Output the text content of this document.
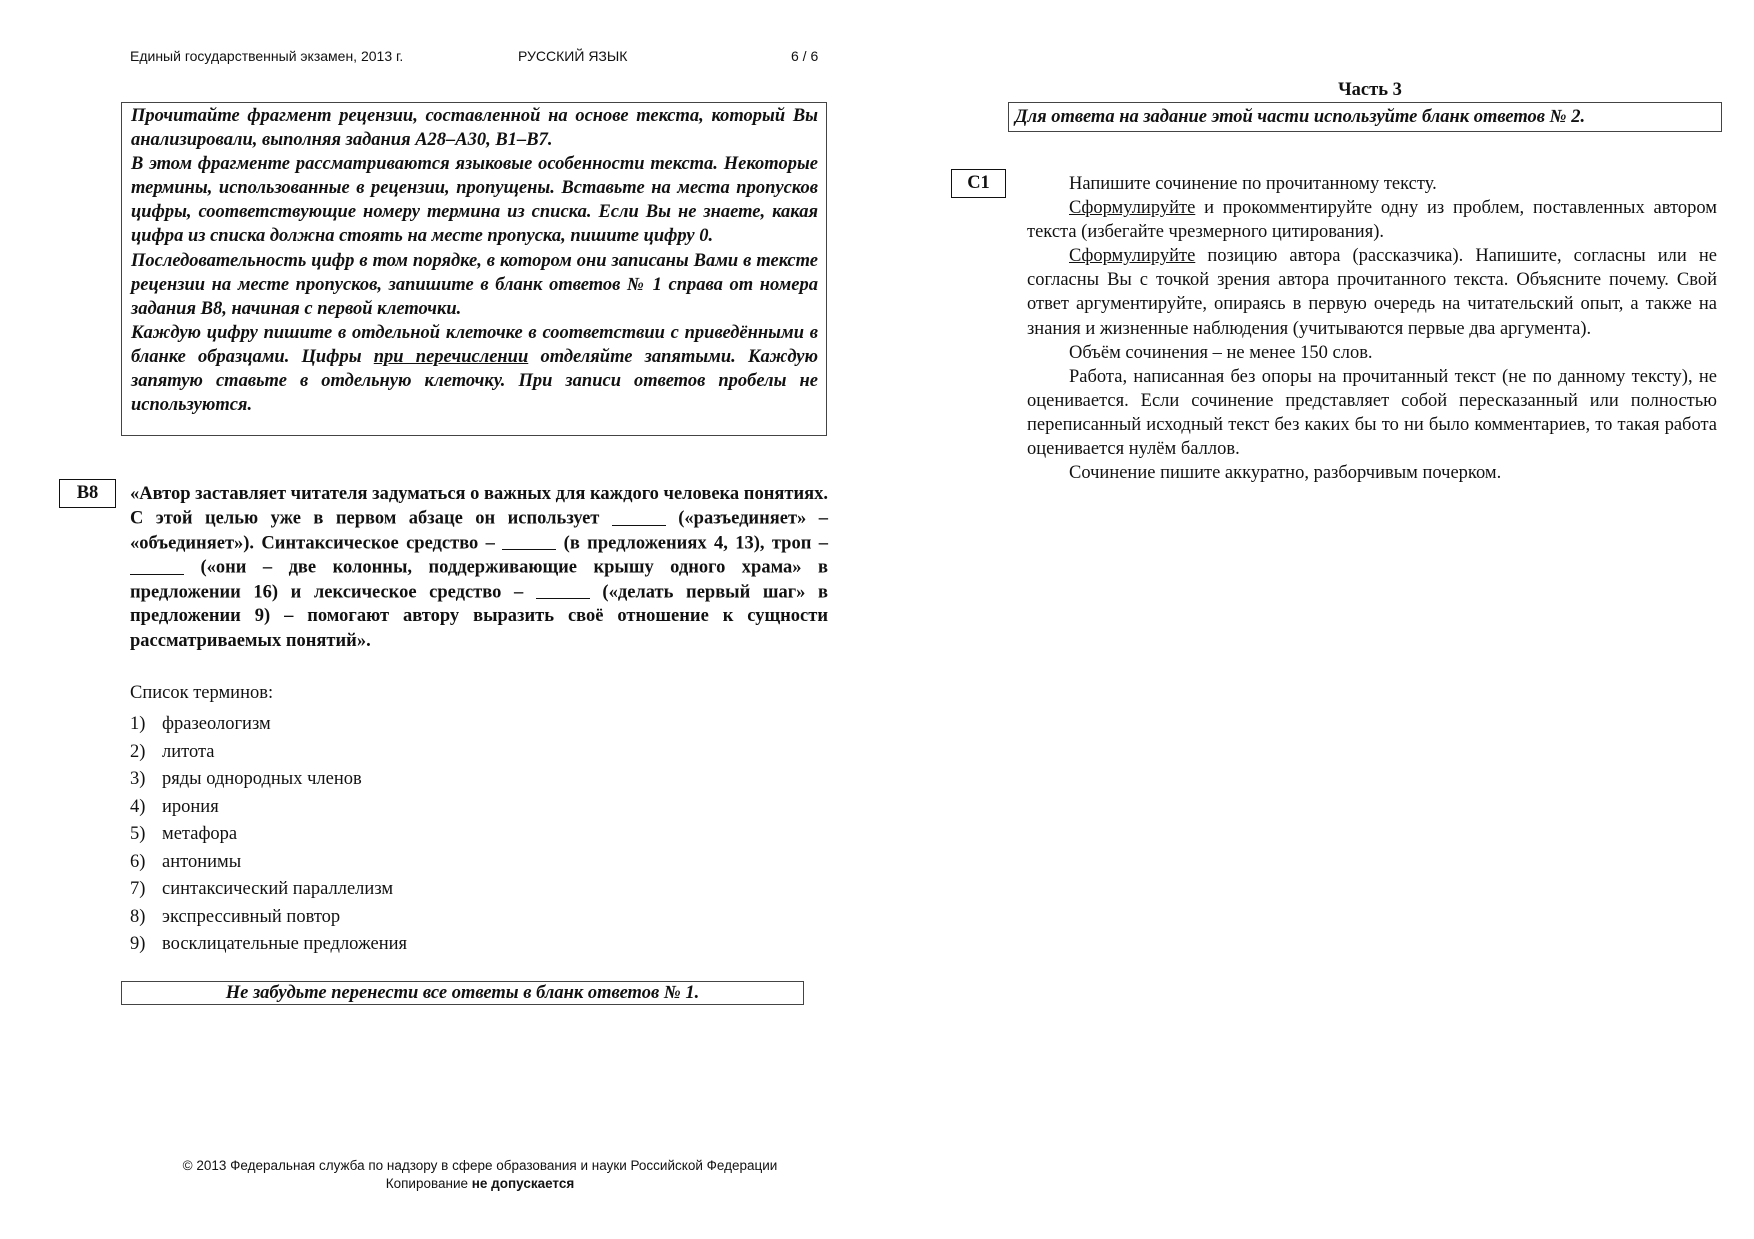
Единый государственный экзамен, 2013 г.	РУССКИЙ ЯЗЫК	6 / 6

Прочитайте фрагмент рецензии, составленной на основе текста, который Вы анализировали, выполняя задания А28–А30, В1–В7.

В этом фрагменте рассматриваются языковые особенности текста. Некоторые термины, использованные в рецензии, пропущены. Вставьте на места пропусков цифры, соответствующие номеру термина из списка. Если Вы не знаете, какая цифра из списка должна стоять на месте пропуска, пишите цифру 0.

Последовательность цифр в том порядке, в котором они записаны Вами в тексте рецензии на месте пропусков, запишите в бланк ответов № 1 справа от номера задания В8, начиная с первой клеточки.

Каждую цифру пишите в отдельной клеточке в соответствии с приведёнными в бланке образцами. Цифры при перечислении отделяйте запятыми. Каждую запятую ставьте в отдельную клеточку. При записи ответов пробелы не используются.

В8	«Автор заставляет читателя задуматься о важных для каждого человека понятиях. С этой целью уже в первом абзаце он использует	(«разъединяет» – «объединяет»). Синтаксическое средство –	(в предложениях 4, 13), троп –  («они – две колонны, поддерживающие крышу одного храма» в предложении 16) и лексическое средство –	(«делать первый шаг» в предложении 9) – помогают автору выразить своё отношение к сущности рассматриваемых понятий».
Список терминов:
1) фразеологизм
2) литота
3) ряды однородных членов
4) ирония
5) метафора
6) антонимы
7) синтаксический параллелизм
8) экспрессивный повтор
9) восклицательные предложения
Не забудьте перенести все ответы в бланк ответов № 1.
Часть 3
Для ответа на задание этой части используйте бланк ответов № 2.
С1	Напишите сочинение по прочитанному тексту.

Сформулируйте и прокомментируйте одну из проблем, поставленных автором текста (избегайте чрезмерного цитирования).

Сформулируйте позицию автора (рассказчика). Напишите, согласны или не согласны Вы с точкой зрения автора прочитанного текста. Объясните почему. Свой ответ аргументируйте, опираясь в первую очередь на читательский опыт, а также на знания и жизненные наблюдения (учитываются первые два аргумента).

Объём сочинения – не менее 150 слов.

Работа, написанная без опоры на прочитанный текст (не по данному тексту), не оценивается. Если сочинение представляет собой пересказанный или полностью переписанный исходный текст без каких бы то ни было комментариев, то такая работа оценивается нулём баллов.

Сочинение пишите аккуратно, разборчивым почерком.

© 2013 Федеральная служба по надзору в сфере образования и науки Российской Федерации
Копирование не допускается
